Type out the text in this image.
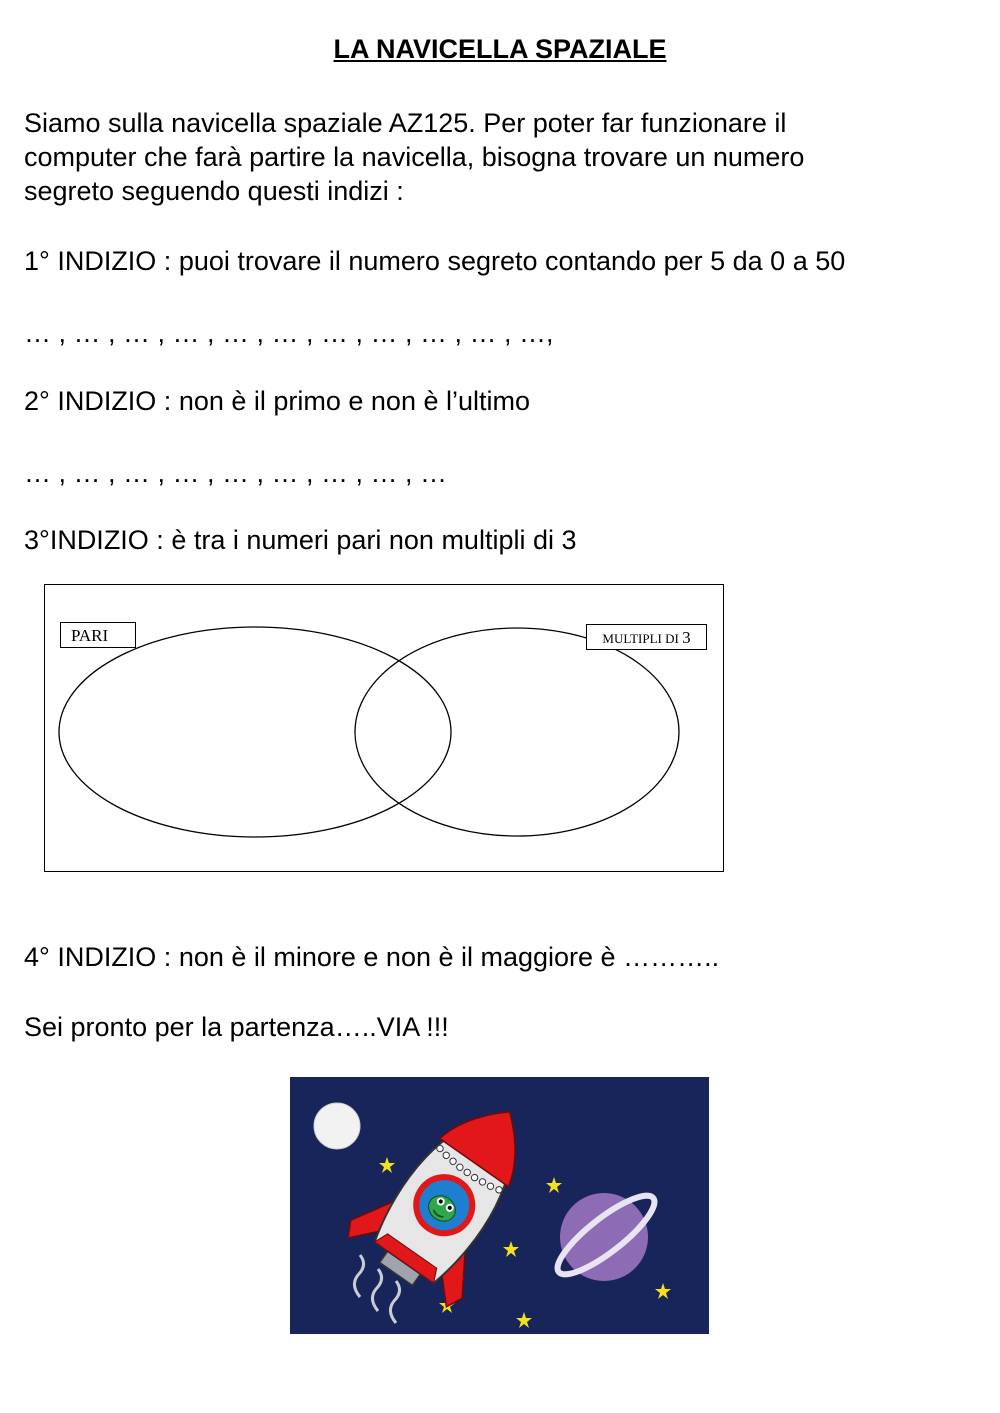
LA NAVICELLA SPAZIALE
Siamo sulla navicella spaziale AZ125. Per poter far funzionare il
computer che farà partire la navicella, bisogna trovare un numero
segreto seguendo questi indizi :

1° INDIZIO : puoi trovare il numero segreto contando per 5 da 0 a 50

… , … , … , … , … , … , … , … , … , … , …,

2° INDIZIO : non è il primo e non è l’ultimo

… , … , … , … , … , … , … , … , …

3°INDIZIO : è tra i numeri pari non multipli di 3

PARI	MULTIPLI DI 3

4° INDIZIO : non è il minore e non è il maggiore è ………..

Sei pronto per la partenza…..VIA !!!
